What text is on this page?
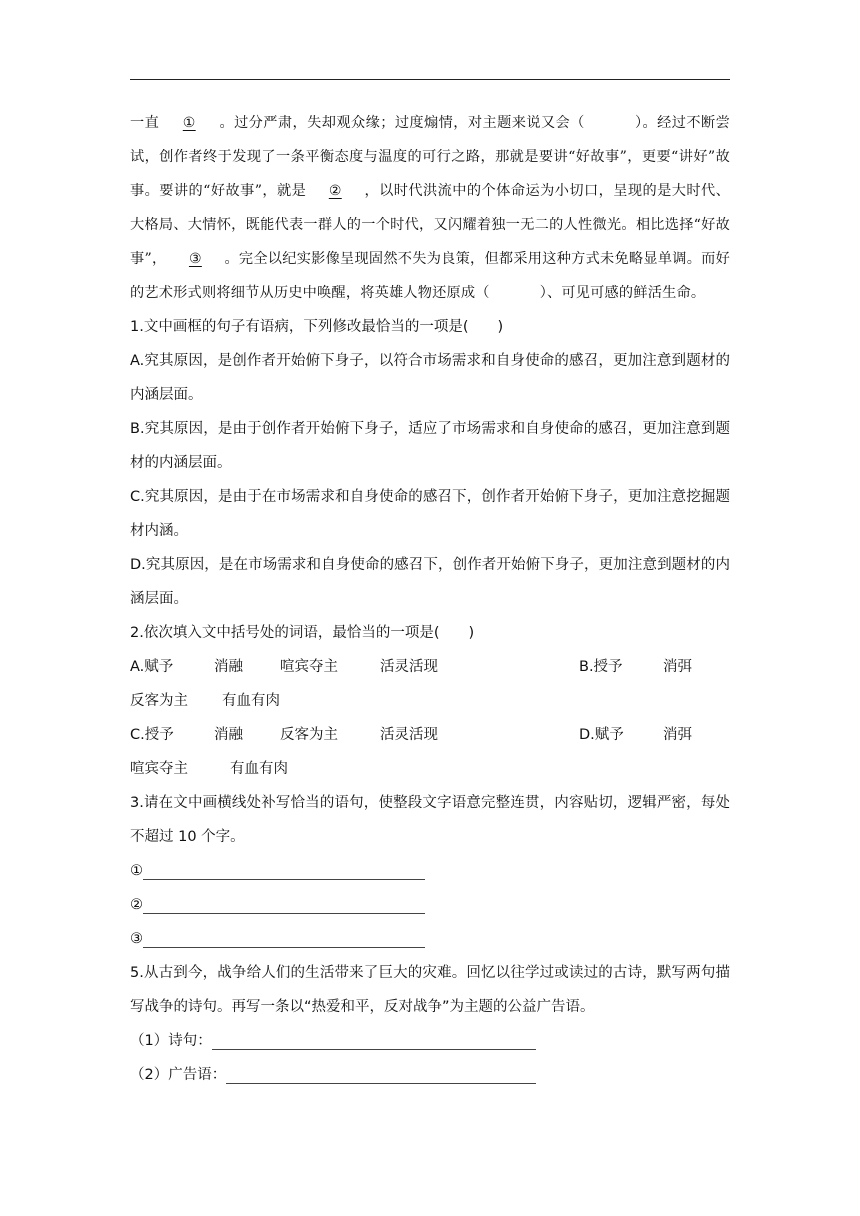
一直 ① 。过分严肃，失却观众缘；过度煽情，对主题来说又会（	）。经过不断尝试，创作者终于发现了一条平衡态度与温度的可行之路，那就是要讲“好故事”，更要“讲好”故事。要讲的“好故事”，就是 ② ，以时代洪流中的个体命运为小切口，呈现的是大时代、大格局、大情怀，既能代表一群人的一个时代，又闪耀着独一无二的人性微光。相比选择“好故事”， ③ 。完全以纪实影像呈现固然不失为良策，但都采用这种方式未免略显单调。而好的艺术形式则将细节从历史中唤醒，将英雄人物还原成（	）、可见可感的鲜活生命。

1.文中画框的句子有语病，下列修改最恰当的一项是(　　)

A.究其原因，是创作者开始俯下身子，以符合市场需求和自身使命的感召，更加注意到题材的内涵层面。

B.究其原因，是由于创作者开始俯下身子，适应了市场需求和自身使命的感召，更加注意到题材的内涵层面。

C.究其原因，是由于在市场需求和自身使命的感召下，创作者开始俯下身子，更加注意挖掘题材内涵。

D.究其原因，是在市场需求和自身使命的感召下，创作者开始俯下身子，更加注意到题材的内涵层面。

2.依次填入文中括号处的词语，最恰当的一项是(　　)

A.赋予	消融	喧宾夺主	活灵活现	B.授予	消弭
反客为主 有血有肉
C.授予	消融	反客为主	活灵活现	D.赋予	消弭
喧宾夺主	有血有肉

3.请在文中画横线处补写恰当的语句，使整段文字语意完整连贯，内容贴切，逻辑严密，每处不超过 10 个字。

①
②
③

5.从古到今，战争给人们的生活带来了巨大的灾难。回忆以往学过或读过的古诗，默写两句描写战争的诗句。再写一条以“热爱和平，反对战争”为主题的公益广告语。

（1）诗句：
（2）广告语：
